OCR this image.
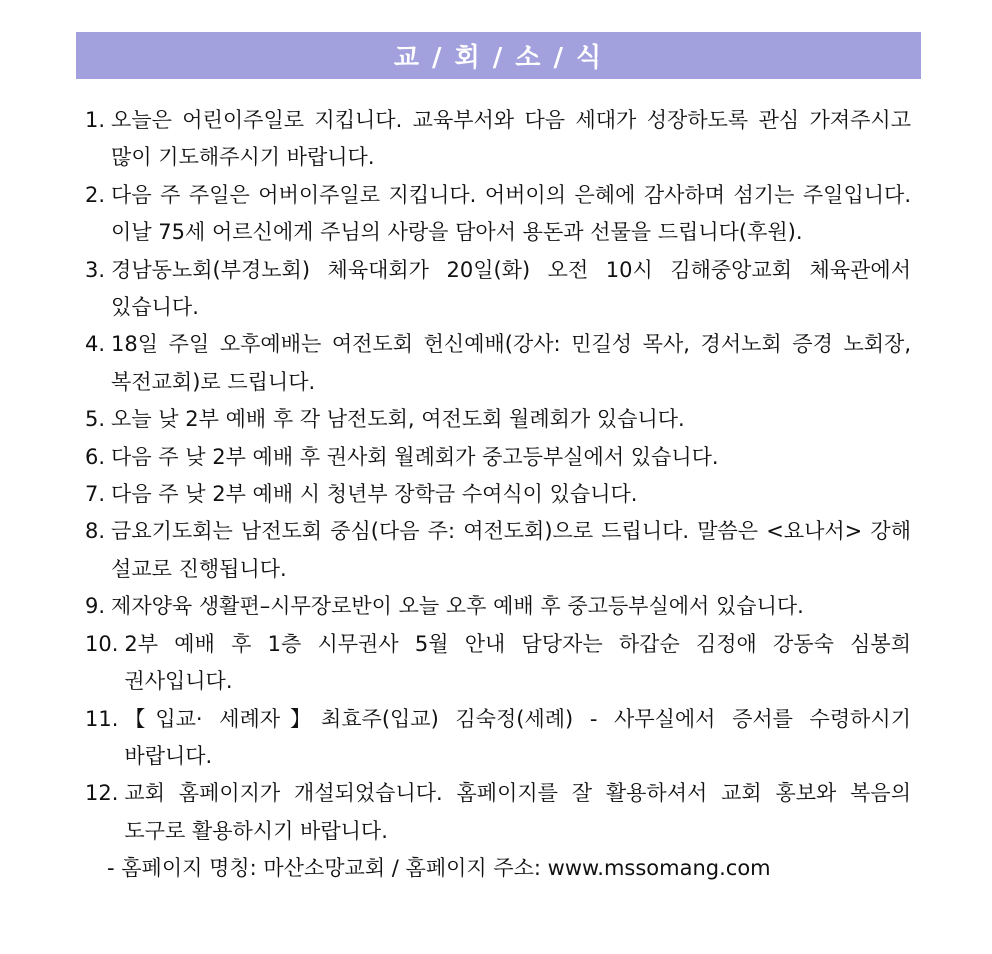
교 / 회 / 소 / 식
1. 오늘은 어린이주일로 지킵니다. 교육부서와 다음 세대가 성장하도록 관심 가져주시고 많이 기도해주시기 바랍니다.
2. 다음 주 주일은 어버이주일로 지킵니다. 어버이의 은혜에 감사하며 섬기는 주일입니다. 이날 75세 어르신에게 주님의 사랑을 담아서 용돈과 선물을 드립니다(후원).
3. 경남동노회(부경노회) 체육대회가 20일(화) 오전 10시 김해중앙교회 체육관에서 있습니다.
4. 18일 주일 오후예배는 여전도회 헌신예배(강사: 민길성 목사, 경서노회 증경 노회장, 복전교회)로 드립니다.
5. 오늘 낮 2부 예배 후 각 남전도회, 여전도회 월례회가 있습니다.
6. 다음 주 낮 2부 예배 후 권사회 월례회가 중고등부실에서 있습니다.
7. 다음 주 낮 2부 예배 시 청년부 장학금 수여식이 있습니다.
8. 금요기도회는 남전도회 중심(다음 주: 여전도회)으로 드립니다. 말씀은 <요나서> 강해 설교로 진행됩니다.
9. 제자양육 생활편–시무장로반이 오늘 오후 예배 후 중고등부실에서 있습니다.
10. 2부 예배 후 1층 시무권사 5월 안내 담당자는 하갑순 김정애 강동숙 심봉희 권사입니다.
11. 【입교· 세례자】최효주(입교) 김숙정(세례) - 사무실에서 증서를 수령하시기 바랍니다.
12. 교회 홈페이지가 개설되었습니다. 홈페이지를 잘 활용하셔서 교회 홍보와 복음의 도구로 활용하시기 바랍니다.
- 홈페이지 명칭: 마산소망교회 / 홈페이지 주소: www.mssomang.com
